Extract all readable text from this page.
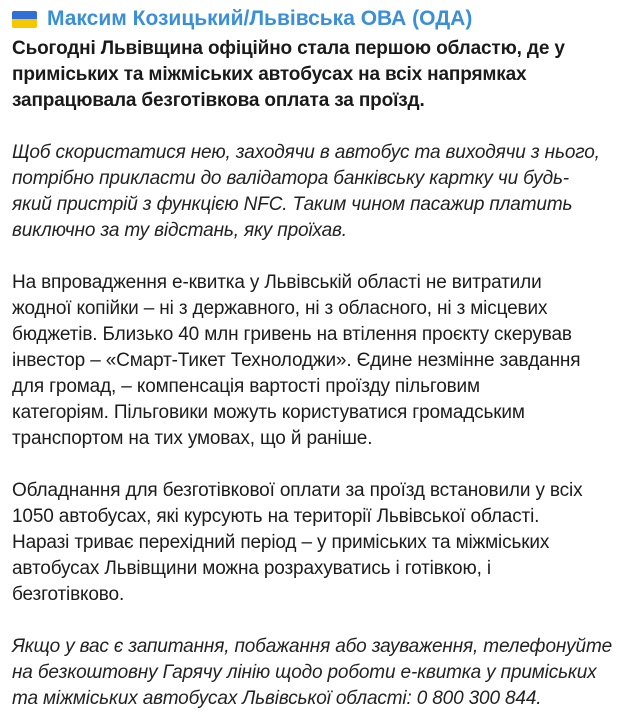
Максим Козицький/Львівська ОВА (ОДА)

Сьогодні Львівщина офіційно стала першою областю, де у
приміських та міжміських автобусах на всіх напрямках
запрацювала безготівкова оплата за проїзд.

Щоб скористатися нею, заходячи в автобус та виходячи з нього,
потрібно прикласти до валідатора банківську картку чи будь-
який пристрій з функцією NFC. Таким чином пасажир платить
виключно за ту відстань, яку проїхав.

На впровадження е-квитка у Львівській області не витратили
жодної копійки – ні з державного, ні з обласного, ні з місцевих
бюджетів. Близько 40 млн гривень на втілення проєкту скерував
інвестор – «Смарт-Тикет Технолоджи». Єдине незмінне завдання
для громад, – компенсація вартості проїзду пільговим
категоріям. Пільговики можуть користуватися громадським
транспортом на тих умовах, що й раніше.

Обладнання для безготівкової оплати за проїзд встановили у всіх
1050 автобусах, які курсують на території Львівської області.
Наразі триває перехідний період – у приміських та міжміських
автобусах Львівщини можна розрахуватись і готівкою, і
безготівково.

Якщо у вас є запитання, побажання або зауваження, телефонуйте
на безкоштовну Гарячу лінію щодо роботи е-квитка у приміських
та міжміських автобусах Львівської області: 0 800 300 844.
